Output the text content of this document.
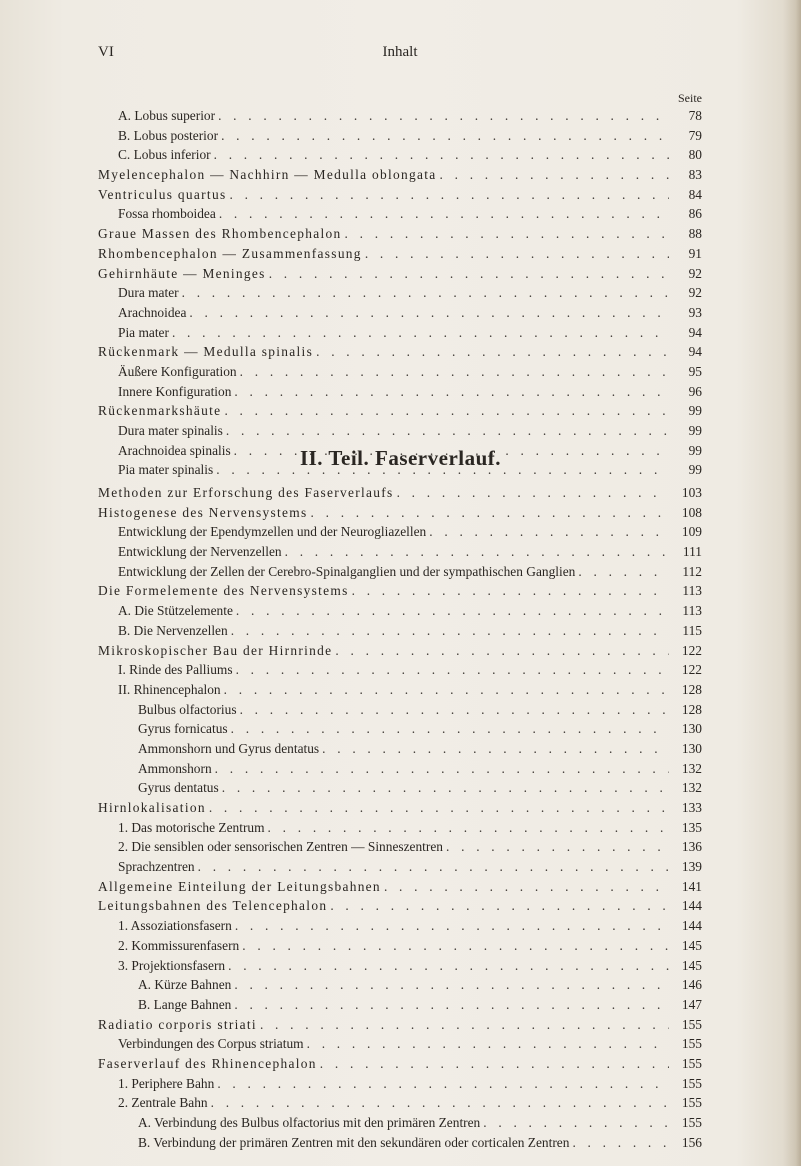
VI	Inhalt
Seite
A. Lobus superior . . .	78
B. Lobus posterior . . .	79
C. Lobus inferior . . .	80
Myelencephalon — Nachhirn — Medulla oblongata . . .	83
Ventriculus quartus . . .	84
Fossa rhomboidea . . .	86
Graue Massen des Rhombencephalon . . .	88
Rhombencephalon — Zusammenfassung . . .	91
Gehirnhäute — Meninges . . .	92
Dura mater . . .	92
Arachnoidea . . .	93
Pia mater . . .	94
Rückenmark — Medulla spinalis . . .	94
Äußere Konfiguration . . .	95
Innere Konfiguration . . .	96
Rückenmarkshäute . . .	99
Dura mater spinalis . . .	99
Arachnoidea spinalis . . .	99
Pia mater spinalis . . .	99
II. Teil. Faserverlauf.
Methoden zur Erforschung des Faserverlaufs . . .	103
Histogenese des Nervensystems . . .	108
Entwicklung der Ependymzellen und der Neurogliazellen . . .	109
Entwicklung der Nervenzellen . . .	111
Entwicklung der Zellen der Cerebro-Spinalganglien und der sympathischen Ganglien . . .	112
Die Formelemente des Nervensystems . . .	113
A. Die Stützelemente . . .	113
B. Die Nervenzellen . . .	115
Mikroskopischer Bau der Hirnrinde . . .	122
I. Rinde des Palliums . . .	122
II. Rhinencephalon . . .	128
Bulbus olfactorius . . .	128
Gyrus fornicatus . . .	130
Ammonshorn und Gyrus dentatus . . .	130
Ammonshorn . . .	132
Gyrus dentatus . . .	132
Hirnlokalisation . . .	133
1. Das motorische Zentrum . . .	135
2. Die sensiblen oder sensorischen Zentren — Sinneszentren . . .	136
Sprachzentren . . .	139
Allgemeine Einteilung der Leitungsbahnen . . .	141
Leitungsbahnen des Telencephalon . . .	144
1. Assoziationsfasern . . .	144
2. Kommissurenfasern . . .	145
3. Projektionsfasern . . .	145
A. Kürze Bahnen . . .	146
B. Lange Bahnen . . .	147
Radiatio corporis striati . . .	155
Verbindungen des Corpus striatum . . .	155
Faserverlauf des Rhinencephalon . . .	155
1. Periphere Bahn . . .	155
2. Zentrale Bahn . . .	155
A. Verbindung des Bulbus olfactorius mit den primären Zentren . . .	155
B. Verbindung der primären Zentren mit den sekundären oder corticalen Zentren . . .	156
